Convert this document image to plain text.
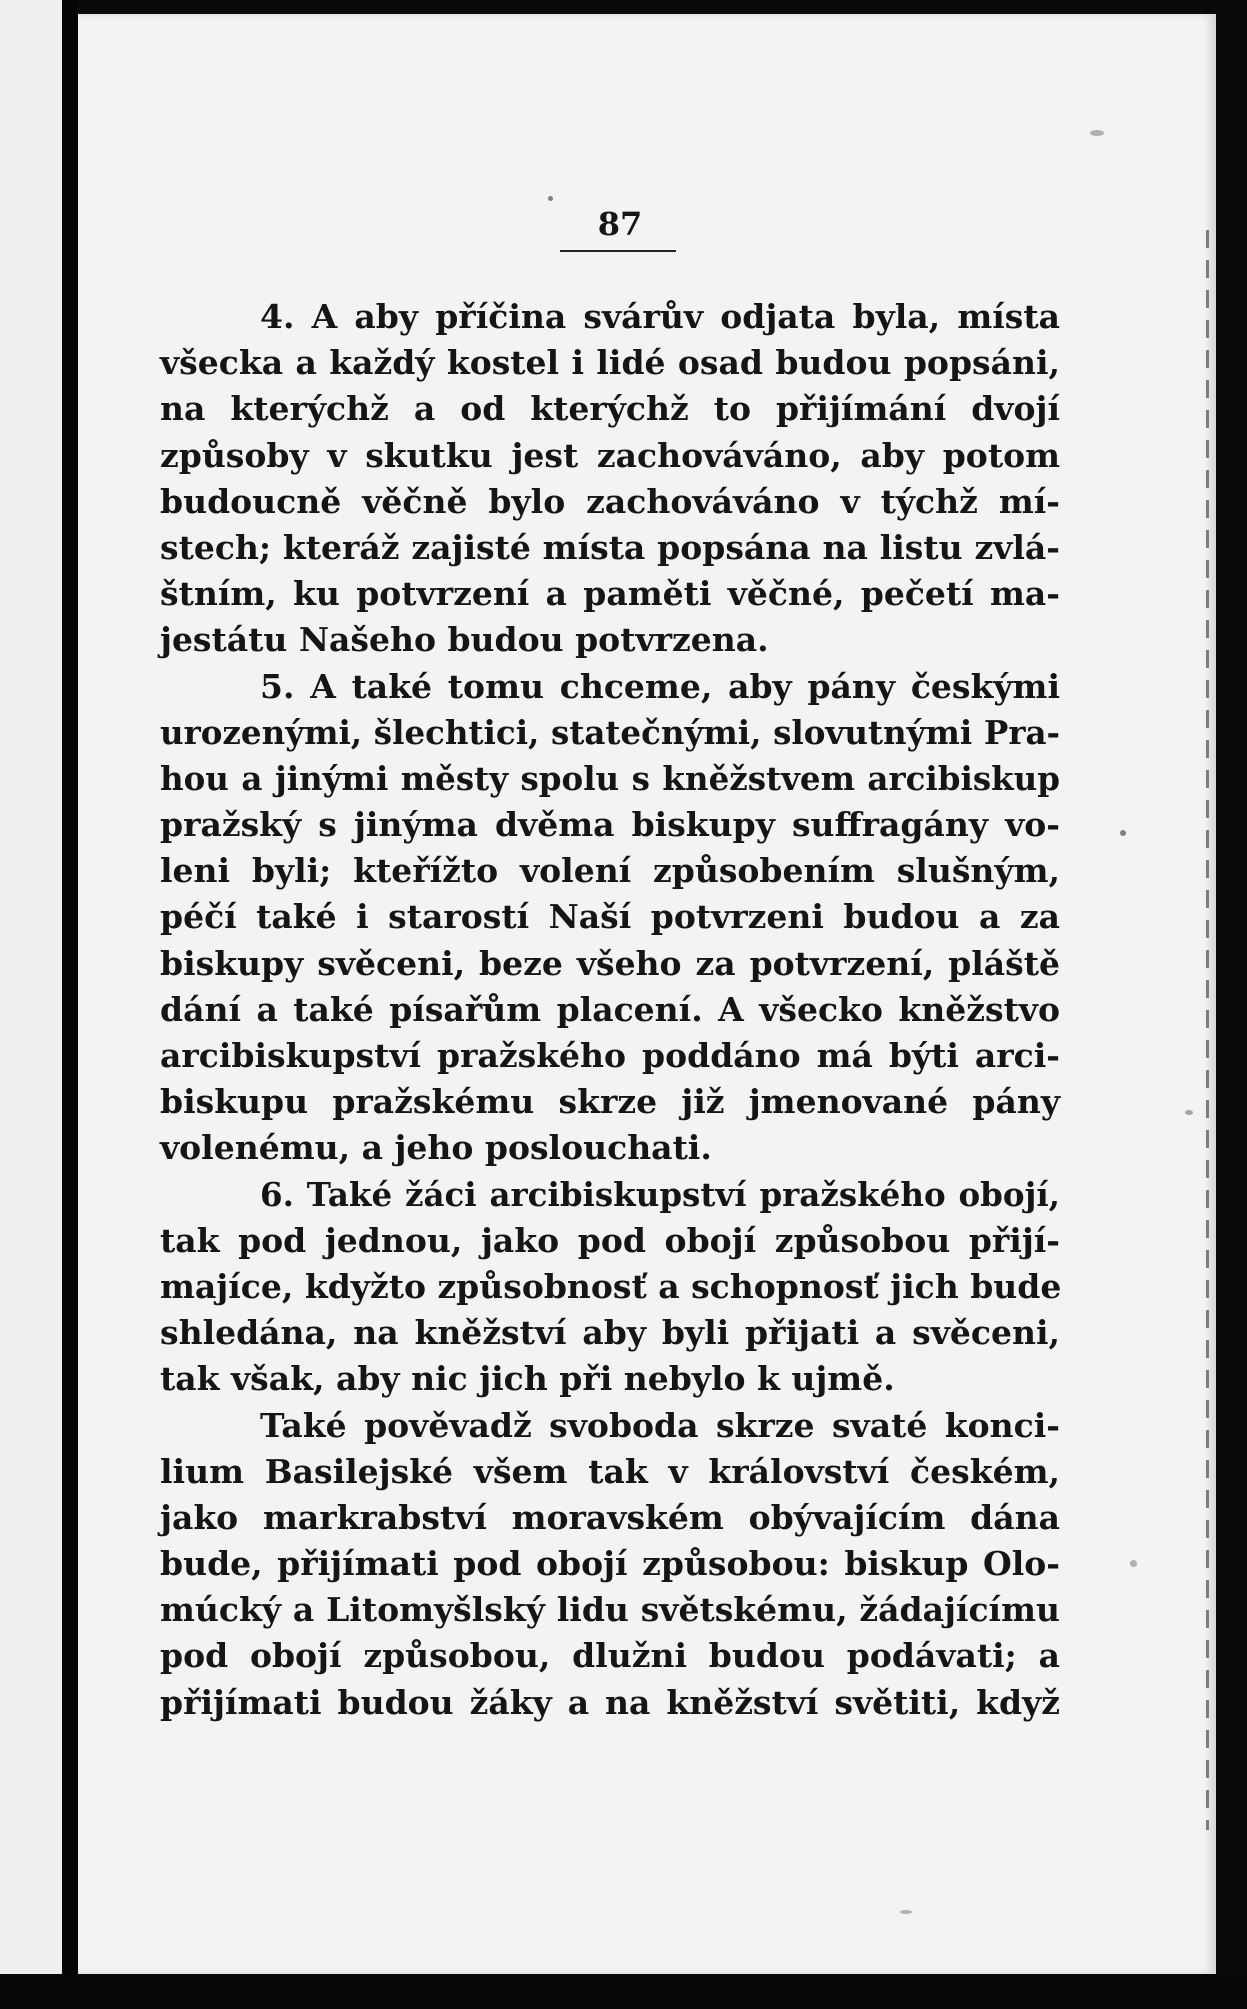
87
4. A aby příčina svárův odjata byla, místa
všecka a každý kostel i lidé osad budou popsáni,
na kterýchž a od kterýchž to přijímání dvojí
způsoby v skutku jest zachováváno, aby potom
budoucně věčně bylo zachováváno v týchž mí-
stech; kteráž zajisté místa popsána na listu zvlá-
štním, ku potvrzení a paměti věčné, pečetí ma-
jestátu Našeho budou potvrzena.
5. A také tomu chceme, aby pány českými
urozenými, šlechtici, statečnými, slovutnými Pra-
hou a jinými městy spolu s kněžstvem arcibiskup
pražský s jinýma dvěma biskupy suffragány vo-
leni byli; kteřížto volení způsobením slušným,
péčí také i starostí Naší potvrzeni budou a za
biskupy svěceni, beze všeho za potvrzení, pláště
dání a také písařům placení. A všecko kněžstvo
arcibiskupství pražského poddáno má býti arci-
biskupu pražskému skrze již jmenované pány
volenému, a jeho poslouchati.
6. Také žáci arcibiskupství pražského obojí,
tak pod jednou, jako pod obojí způsobou přijí-
majíce, kdyžto způsobnosť a schopnosť jich bude
shledána, na kněžství aby byli přijati a svěceni,
tak však, aby nic jich při nebylo k ujmě.
Také pověvadž svoboda skrze svaté konci-
lium Basilejské všem tak v království českém,
jako markrabství moravském obývajícím dána
bude, přijímati pod obojí způsobou: biskup Olo-
múcký a Litomyšlský lidu světskému, žádajícímu
pod obojí způsobou, dlužni budou podávati; a
přijímati budou žáky a na kněžství světiti, když
